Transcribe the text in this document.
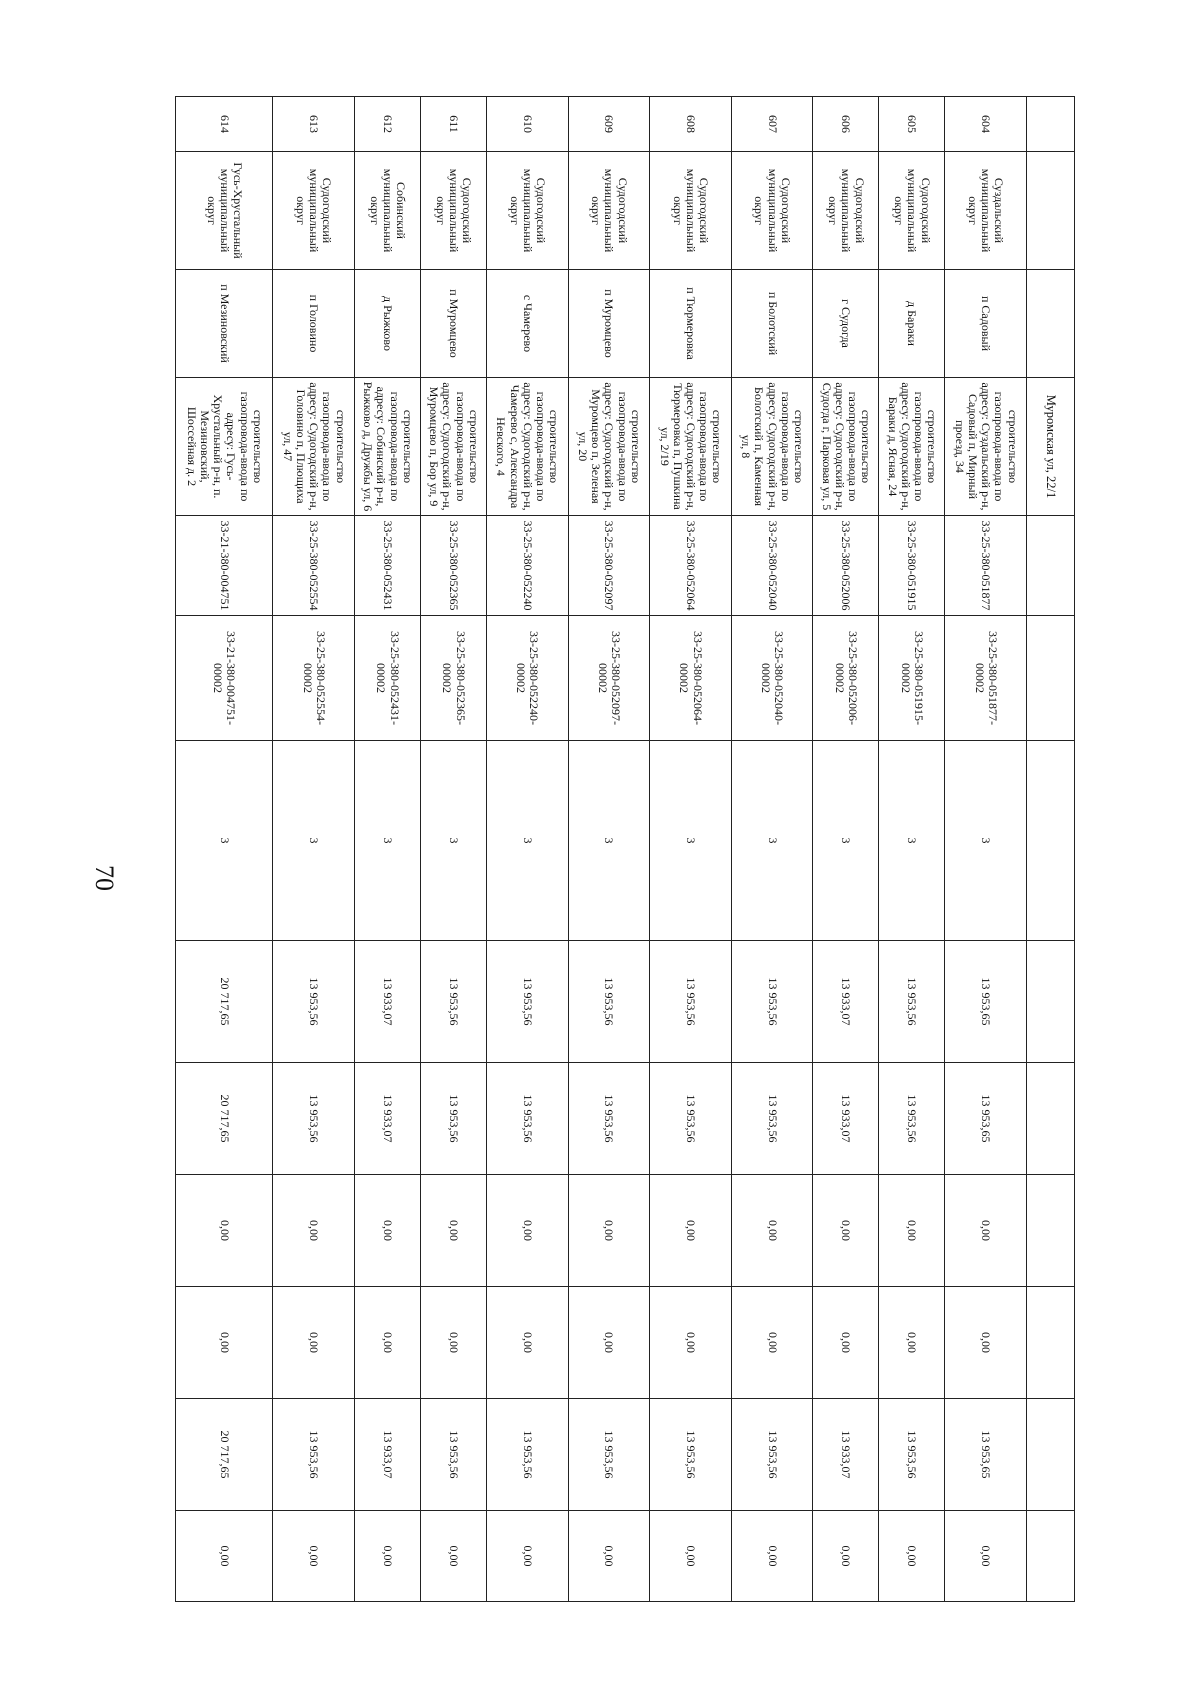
70
			Муромская ул, 22/1									
604	Суздальский муниципальный округ	п Садовый	строительство газопровода-ввода по адресу: Суздальский р-н, Садовый п, Мирный проезд, 34	33-25-380-051877	33-25-380-051877-00002	3	13 953,65	13 953,65	0,00	0,00	13 953,65	0,00
605	Судогодский муниципальный округ	д Бараки	строительство газопровода-ввода по адресу: Судогодский р-н, Бараки д, Ясная, 24	33-25-380-051915	33-25-380-051915-00002	3	13 953,56	13 953,56	0,00	0,00	13 953,56	0,00
606	Судогодский муниципальный округ	г Судогда	строительство газопровода-ввода по адресу: Судогодский р-н, Судогда г, Парковая ул, 5	33-25-380-052006	33-25-380-052006-00002	3	13 933,07	13 933,07	0,00	0,00	13 933,07	0,00
607	Судогодский муниципальный округ	п Болотский	строительство газопровода-ввода по адресу: Судогодский р-н, Болотский п, Каменная ул, 8	33-25-380-052040	33-25-380-052040-00002	3	13 953,56	13 953,56	0,00	0,00	13 953,56	0,00
608	Судогодский муниципальный округ	п Тюрмеровка	строительство газопровода-ввода по адресу: Судогодский р-н, Тюрмеровка п, Пушкина ул, 2/19	33-25-380-052064	33-25-380-052064-00002	3	13 953,56	13 953,56	0,00	0,00	13 953,56	0,00
609	Судогодский муниципальный округ	п Муромцево	строительство газопровода-ввода по адресу: Судогодский р-н, Муромцево п, Зеленая ул, 20	33-25-380-052097	33-25-380-052097-00002	3	13 953,56	13 953,56	0,00	0,00	13 953,56	0,00
610	Судогодский муниципальный округ	с Чамерево	строительство газопровода-ввода по адресу: Судогодский р-н, Чамерево с, Александра Невского, 4	33-25-380-052240	33-25-380-052240-00002	3	13 953,56	13 953,56	0,00	0,00	13 953,56	0,00
611	Судогодский муниципальный округ	п Муромцево	строительство газопровода-ввода по адресу: Судогодский р-н, Муромцево п, Бор ул, 9	33-25-380-052365	33-25-380-052365-00002	3	13 953,56	13 953,56	0,00	0,00	13 953,56	0,00
612	Собинский муниципальный округ	д Рыжково	строительство газопровода-ввода по адресу: Собинский р-н, Рыжково д, Дружбы ул, 6	33-25-380-052431	33-25-380-052431-00002	3	13 933,07	13 933,07	0,00	0,00	13 933,07	0,00
613	Судогодский муниципальный округ	п Головино	строительство газопровода-ввода по адресу: Судогодский р-н, Головино п, Плющиха ул, 47	33-25-380-052554	33-25-380-052554-00002	3	13 953,56	13 953,56	0,00	0,00	13 953,56	0,00
614	Гусь-Хрустальный муниципальный округ	п Мезиновский	строительство газопровода-ввода по адресу: Гусь-Хрустальный р-н, п. Мезиновский, Шоссейная д. 2	33-21-380-004751	33-21-380-004751-00002	3	20 717,65	20 717,65	0,00	0,00	20 717,65	0,00
